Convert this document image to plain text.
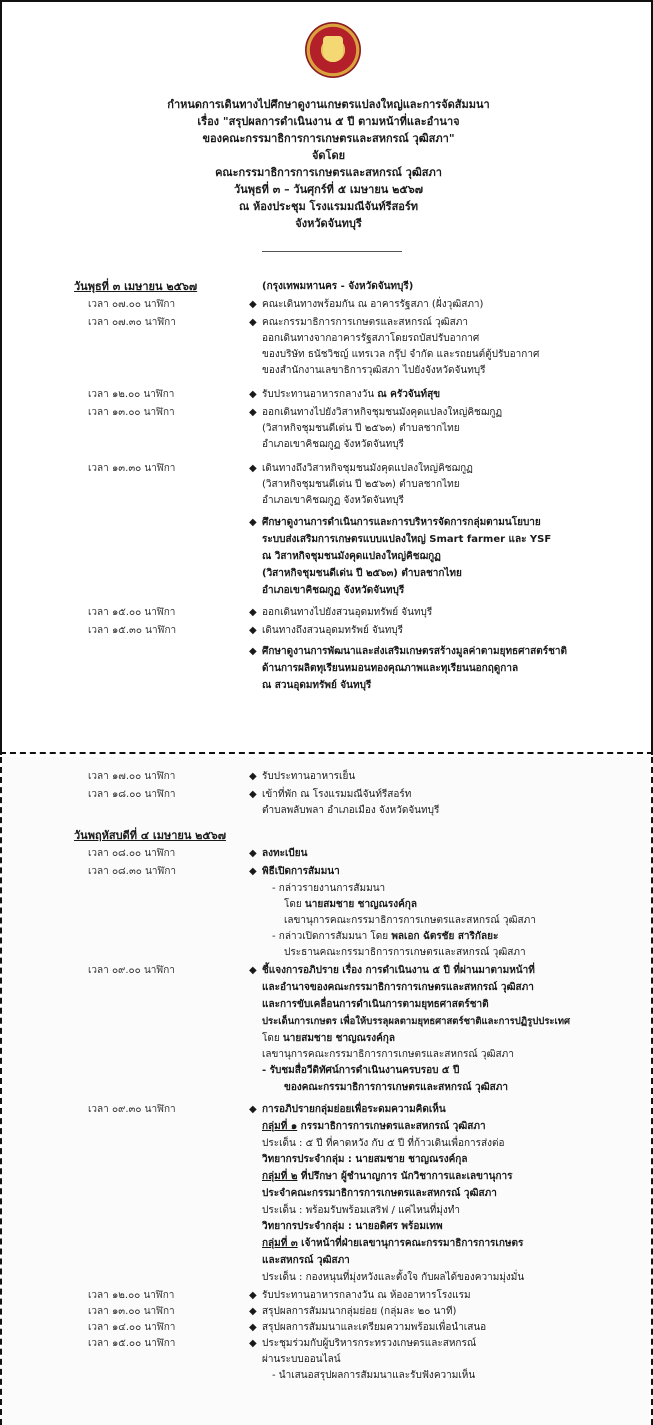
กำหนดการเดินทางไปศึกษาดูงานเกษตรแปลงใหญ่และการจัดสัมมนา
เรื่อง "สรุปผลการดำเนินงาน ๕ ปี ตามหน้าที่และอำนาจ
ของคณะกรรมาธิการการเกษตรและสหกรณ์ วุฒิสภา"
จัดโดย
คณะกรรมาธิการการเกษตรและสหกรณ์ วุฒิสภา
วันพุธที่ ๓ – วันศุกร์ที่ ๕ เมษายน ๒๕๖๗
ณ ห้องประชุม โรงแรมมณีจันท์รีสอร์ท
จังหวัดจันทบุรี
วันพุธที่ ๓ เมษายน ๒๕๖๗	(กรุงเทพมหานคร - จังหวัดจันทบุรี)
เวลา ๐๗.๐๐ นาฬิกา	◆ คณะเดินทางพร้อมกัน ณ อาคารรัฐสภา (ฝั่งวุฒิสภา)
เวลา ๐๗.๓๐ นาฬิกา	◆ คณะกรรมาธิการการเกษตรและสหกรณ์ วุฒิสภา
ออกเดินทางจากอาคารรัฐสภาโดยรถบัสปรับอากาศ
ของบริษัท ธนัชวิชญ์ แทรเวล กรุ๊ป จำกัด และรถยนต์ตู้ปรับอากาศ
ของสำนักงานเลขาธิการวุฒิสภา ไปยังจังหวัดจันทบุรี
เวลา ๑๒.๐๐ นาฬิกา	◆ รับประทานอาหารกลางวัน ณ ครัวจันท์สุข
เวลา ๑๓.๐๐ นาฬิกา	◆ ออกเดินทางไปยังวิสาหกิจชุมชนมังคุดแปลงใหญ่คิชฌกูฏ
(วิสาหกิจชุมชนดีเด่น ปี ๒๕๖๓) ตำบลชากไทย
อำเภอเขาคิชฌกูฏ จังหวัดจันทบุรี
เวลา ๑๓.๓๐ นาฬิกา	◆ เดินทางถึงวิสาหกิจชุมชนมังคุดแปลงใหญ่คิชฌกูฏ
(วิสาหกิจชุมชนดีเด่น ปี ๒๕๖๓) ตำบลชากไทย
อำเภอเขาคิชฌกูฏ จังหวัดจันทบุรี
◆ ศึกษาดูงานการดำเนินการและการบริหารจัดการกลุ่มตามนโยบาย
ระบบส่งเสริมการเกษตรแบบแปลงใหญ่ Smart farmer และ YSF
ณ วิสาหกิจชุมชนมังคุดแปลงใหญ่คิชฌกูฏ
(วิสาหกิจชุมชนดีเด่น ปี ๒๕๖๓) ตำบลชากไทย
อำเภอเขาคิชฌกูฏ จังหวัดจันทบุรี
เวลา ๑๕.๐๐ นาฬิกา	◆ ออกเดินทางไปยังสวนอุดมทรัพย์ จันทบุรี
เวลา ๑๕.๓๐ นาฬิกา	◆ เดินทางถึงสวนอุดมทรัพย์ จันทบุรี
◆ ศึกษาดูงานการพัฒนาและส่งเสริมเกษตรสร้างมูลค่าตามยุทธศาสตร์ชาติ
ด้านการผลิตทุเรียนหมอนทองคุณภาพและทุเรียนนอกฤดูกาล
ณ สวนอุดมทรัพย์ จันทบุรี
เวลา ๑๗.๐๐ นาฬิกา	◆ รับประทานอาหารเย็น
เวลา ๑๘.๐๐ นาฬิกา	◆ เข้าที่พัก ณ โรงแรมมณีจันท์รีสอร์ท
ตำบลพลับพลา อำเภอเมือง จังหวัดจันทบุรี
วันพฤหัสบดีที่ ๔ เมษายน ๒๕๖๗
เวลา ๐๘.๐๐ นาฬิกา	◆ ลงทะเบียน
เวลา ๐๘.๓๐ นาฬิกา	◆ พิธีเปิดการสัมมนา
- กล่าวรายงานการสัมมนา
โดย นายสมชาย ชาญณรงค์กุล
เลขานุการคณะกรรมาธิการการเกษตรและสหกรณ์ วุฒิสภา
- กล่าวเปิดการสัมมนา โดย พลเอก ฉัตรชัย สาริกัลยะ
ประธานคณะกรรมาธิการการเกษตรและสหกรณ์ วุฒิสภา
เวลา ๐๙.๐๐ นาฬิกา	◆ ชี้แจงการอภิปราย เรื่อง การดำเนินงาน ๕ ปี ที่ผ่านมาตามหน้าที่
และอำนาจของคณะกรรมาธิการการเกษตรและสหกรณ์ วุฒิสภา
และการขับเคลื่อนการดำเนินการตามยุทธศาสตร์ชาติ
ประเด็นการเกษตร เพื่อให้บรรลุผลตามยุทธศาสตร์ชาติและการปฏิรูปประเทศ
โดย นายสมชาย ชาญณรงค์กุล
เลขานุการคณะกรรมาธิการการเกษตรและสหกรณ์ วุฒิสภา
- รับชมสื่อวีดิทัศน์การดำเนินงานครบรอบ ๕ ปี
ของคณะกรรมาธิการการเกษตรและสหกรณ์ วุฒิสภา
เวลา ๐๙.๓๐ นาฬิกา	◆ การอภิปรายกลุ่มย่อยเพื่อระดมความคิดเห็น
กลุ่มที่ ๑ กรรมาธิการการเกษตรและสหกรณ์ วุฒิสภา
ประเด็น : ๕ ปี ที่คาดหวัง กับ ๕ ปี ที่ก้าวเดินเพื่อการส่งต่อ
วิทยากรประจำกลุ่ม : นายสมชาย ชาญณรงค์กุล
กลุ่มที่ ๒ ที่ปรึกษา ผู้ชำนาญการ นักวิชาการและเลขานุการ
ประจำคณะกรรมาธิการการเกษตรและสหกรณ์ วุฒิสภา
ประเด็น : พร้อมรับพร้อมเสริฟ / แค่ไหนที่มุ่งทำ
วิทยากรประจำกลุ่ม : นายอดิศร พร้อมเทพ
กลุ่มที่ ๓ เจ้าหน้าที่ฝ่ายเลขานุการคณะกรรมาธิการการเกษตร
และสหกรณ์ วุฒิสภา
ประเด็น : กองหนุนที่มุ่งหวังและตั้งใจ กับผลได้ของความมุ่งมั่น
เวลา ๑๒.๐๐ นาฬิกา	◆ รับประทานอาหารกลางวัน ณ ห้องอาหารโรงแรม
เวลา ๑๓.๐๐ นาฬิกา	◆ สรุปผลการสัมมนากลุ่มย่อย (กลุ่มละ ๒๐ นาที)
เวลา ๑๔.๐๐ นาฬิกา	◆ สรุปผลการสัมมนาและเตรียมความพร้อมเพื่อนำเสนอ
เวลา ๑๕.๐๐ นาฬิกา	◆ ประชุมร่วมกับผู้บริหารกระทรวงเกษตรและสหกรณ์
ผ่านระบบออนไลน์
- นำเสนอสรุปผลการสัมมนาและรับฟังความเห็น
